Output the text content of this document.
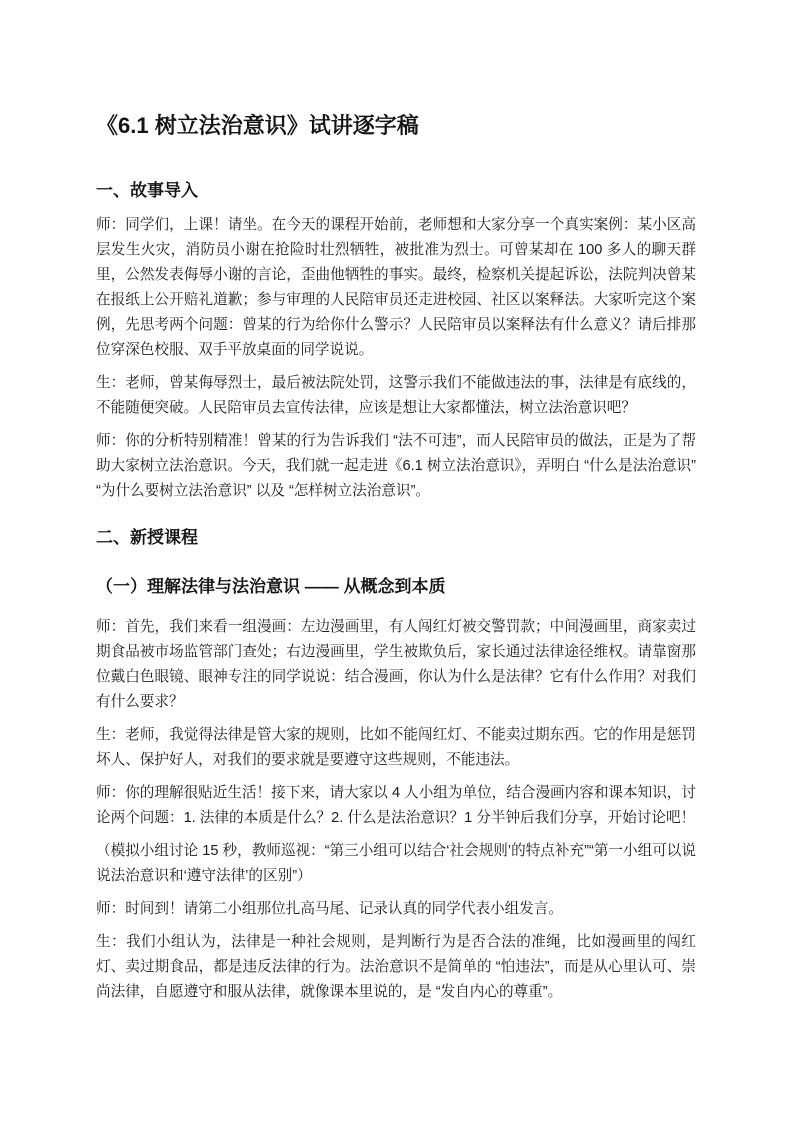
《6.1 树立法治意识》试讲逐字稿
一、故事导入

师：同学们，上课！请坐。在今天的课程开始前，老师想和大家分享一个真实案例：某小区高层发生火灾，消防员小谢在抢险时壮烈牺牲，被批准为烈士。可曾某却在 100 多人的聊天群里，公然发表侮辱小谢的言论，歪曲他牺牲的事实。最终，检察机关提起诉讼，法院判决曾某在报纸上公开赔礼道歉；参与审理的人民陪审员还走进校园、社区以案释法。大家听完这个案例，先思考两个问题：曾某的行为给你什么警示？人民陪审员以案释法有什么意义？请后排那位穿深色校服、双手平放桌面的同学说说。

生：老师，曾某侮辱烈士，最后被法院处罚，这警示我们不能做违法的事，法律是有底线的，不能随便突破。人民陪审员去宣传法律，应该是想让大家都懂法，树立法治意识吧？

师：你的分析特别精准！曾某的行为告诉我们 “法不可违”，而人民陪审员的做法，正是为了帮助大家树立法治意识。今天，我们就一起走进《6.1 树立法治意识》，弄明白 “什么是法治意识”“为什么要树立法治意识” 以及 “怎样树立法治意识”。

二、新授课程
（一）理解法律与法治意识 —— 从概念到本质

师：首先，我们来看一组漫画：左边漫画里，有人闯红灯被交警罚款；中间漫画里，商家卖过期食品被市场监管部门查处；右边漫画里，学生被欺负后，家长通过法律途径维权。请靠窗那位戴白色眼镜、眼神专注的同学说说：结合漫画，你认为什么是法律？它有什么作用？对我们有什么要求？

生：老师，我觉得法律是管大家的规则，比如不能闯红灯、不能卖过期东西。它的作用是惩罚坏人、保护好人，对我们的要求就是要遵守这些规则，不能违法。

师：你的理解很贴近生活！接下来，请大家以 4 人小组为单位，结合漫画内容和课本知识，讨论两个问题：1. 法律的本质是什么？2. 什么是法治意识？1 分半钟后我们分享，开始讨论吧！

（模拟小组讨论 15 秒，教师巡视：“第三小组可以结合‘社会规则’的特点补充”“第一小组可以说说法治意识和‘遵守法律’的区别”）

师：时间到！请第二小组那位扎高马尾、记录认真的同学代表小组发言。

生：我们小组认为，法律是一种社会规则，是判断行为是否合法的准绳，比如漫画里的闯红灯、卖过期食品，都是违反法律的行为。法治意识不是简单的 “怕违法”，而是从心里认可、崇尚法律，自愿遵守和服从法律，就像课本里说的，是 “发自内心的尊重”。
